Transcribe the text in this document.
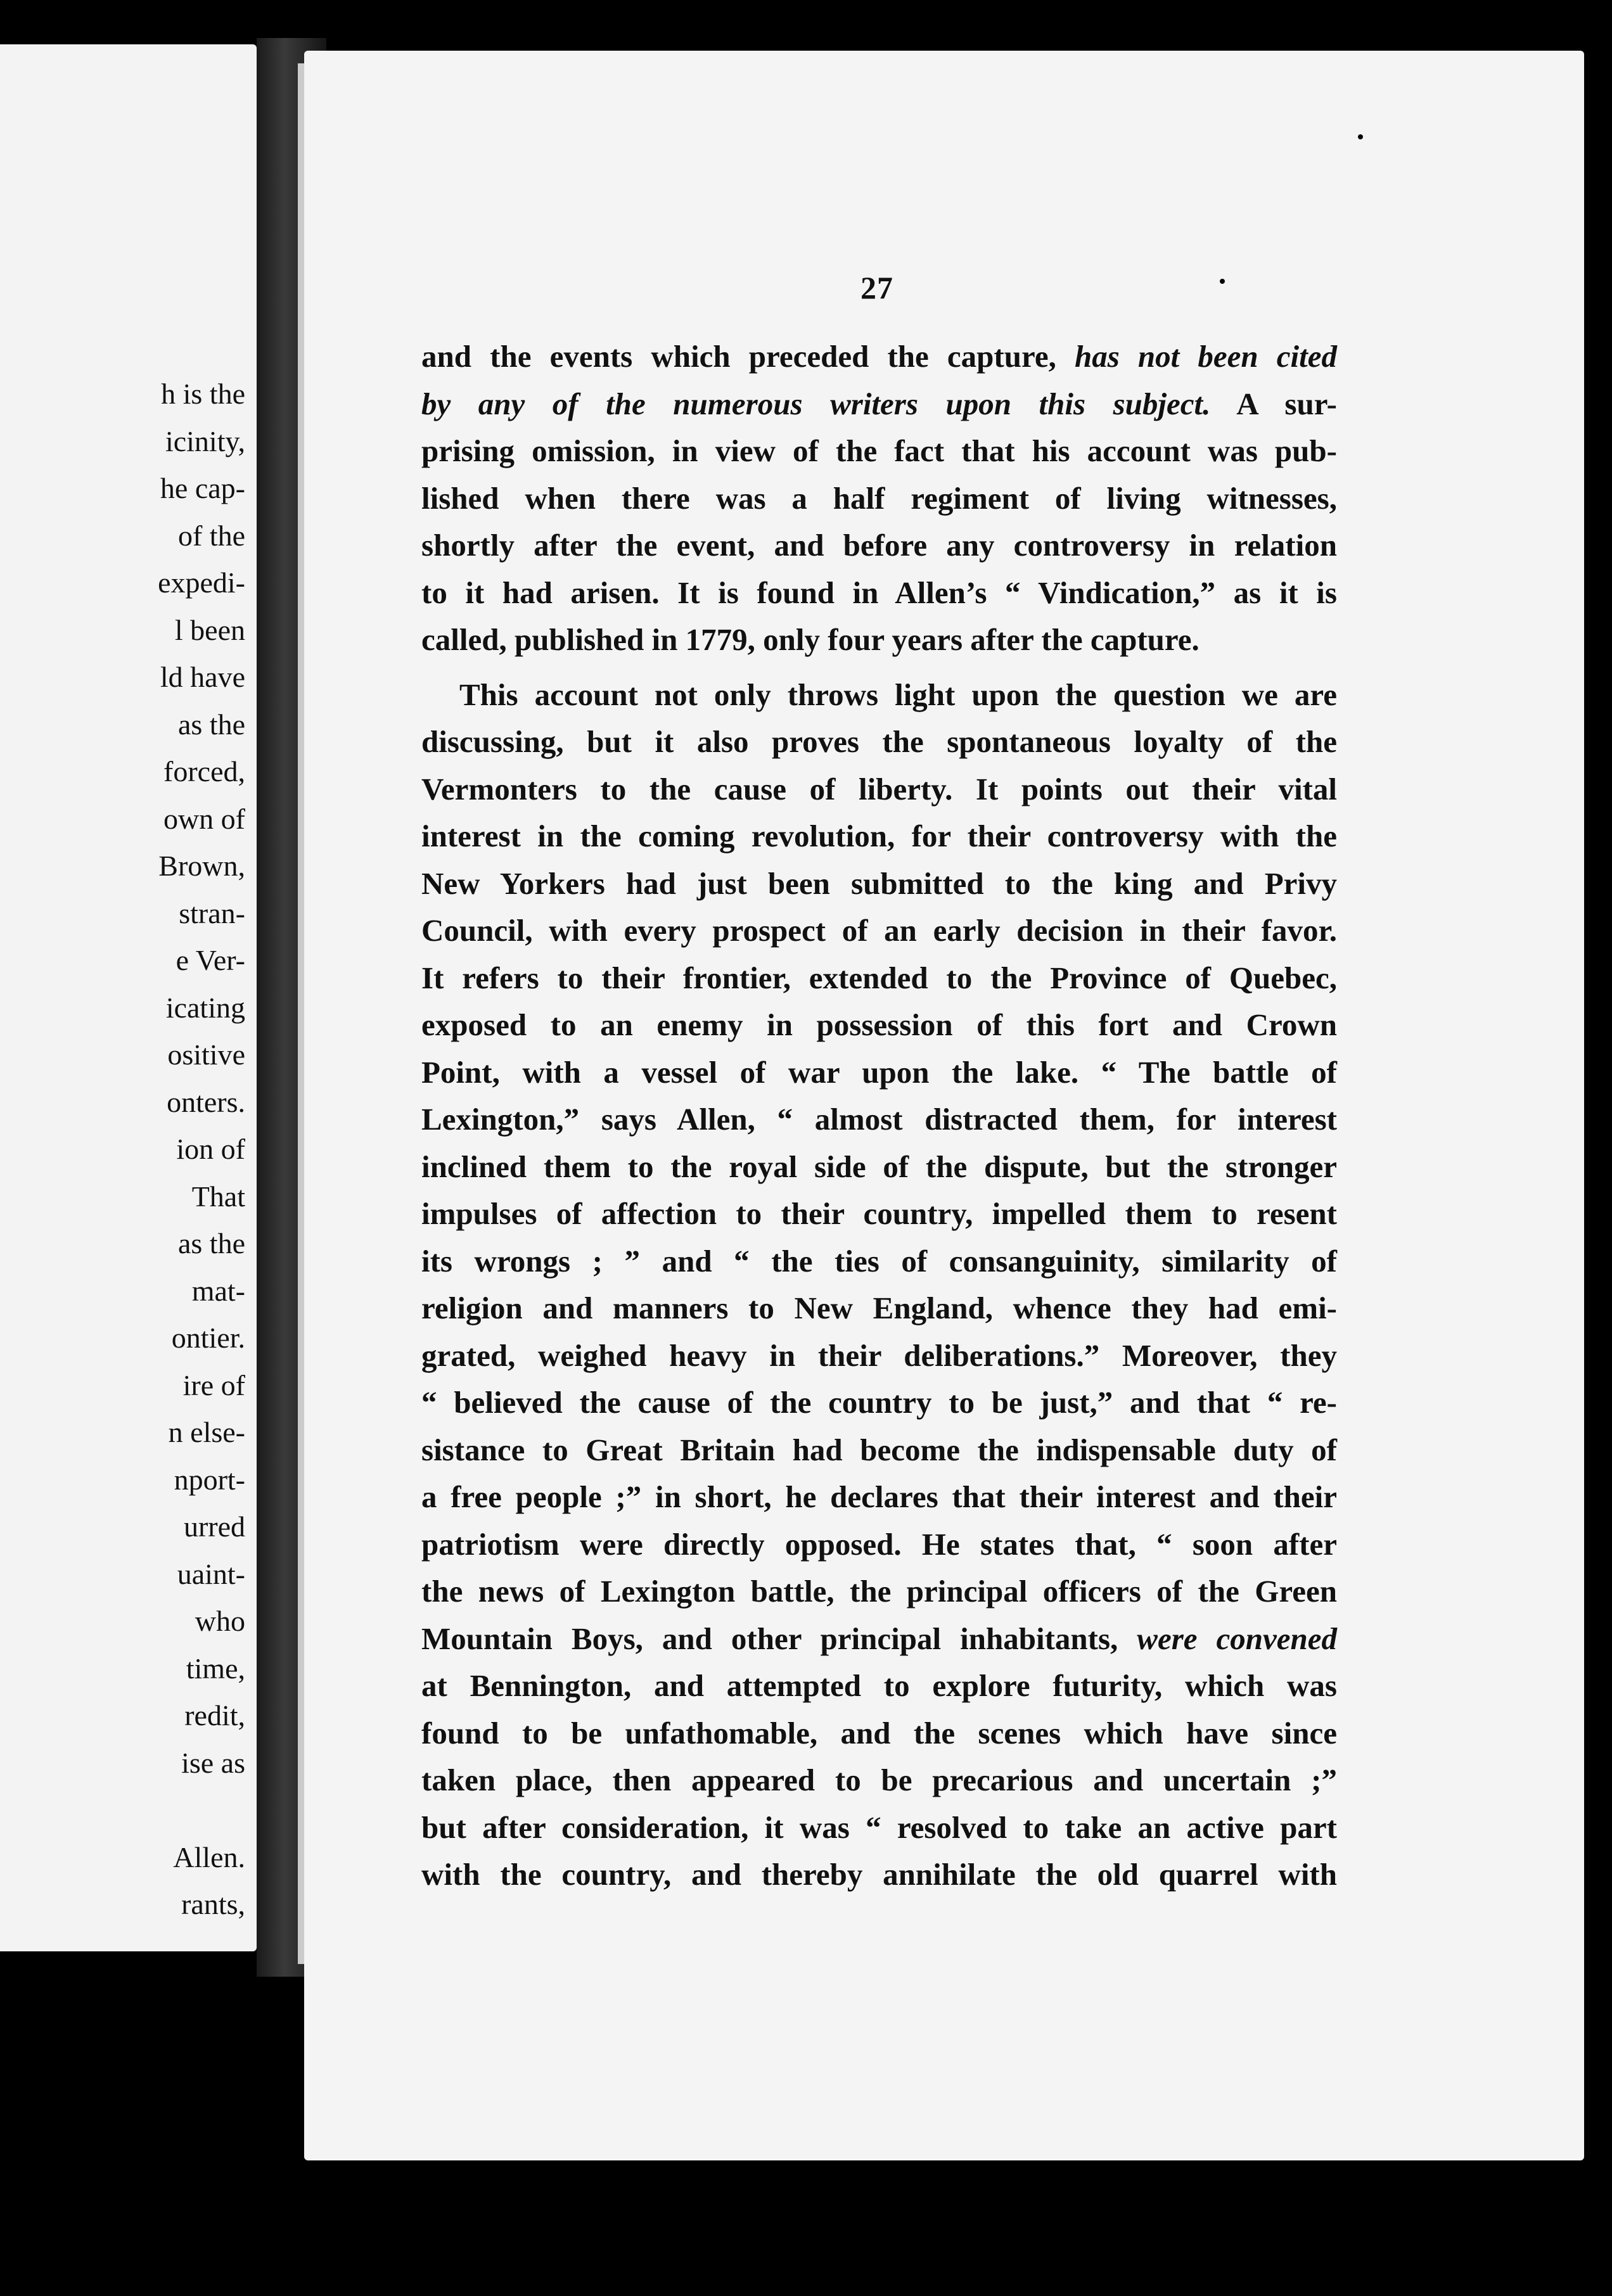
h is the
icinity,
he cap-
of the
expedi-
l been
ld have
as the
forced,
own of
Brown,
stran-
e Ver-
icating
ositive
onters.
ion of
That
as the
mat-
ontier.
ire of
n else-
nport-
urred
uaint-
who
time,
redit,
ise as

Allen.
rants,
27
and the events which preceded the capture, has not been cited
by any of the numerous writers upon this subject. A sur-
prising omission, in view of the fact that his account was pub-
lished when there was a half regiment of living witnesses,
shortly after the event, and before any controversy in relation
to it had arisen. It is found in Allen’s “ Vindication,” as it is
called, published in 1779, only four years after the capture.
This account not only throws light upon the question we are
discussing, but it also proves the spontaneous loyalty of the
Vermonters to the cause of liberty. It points out their vital
interest in the coming revolution, for their controversy with the
New Yorkers had just been submitted to the king and Privy
Council, with every prospect of an early decision in their favor.
It refers to their frontier, extended to the Province of Quebec,
exposed to an enemy in possession of this fort and Crown
Point, with a vessel of war upon the lake. “ The battle of
Lexington,” says Allen, “ almost distracted them, for interest
inclined them to the royal side of the dispute, but the stronger
impulses of affection to their country, impelled them to resent
its wrongs ; ” and “ the ties of consanguinity, similarity of
religion and manners to New England, whence they had emi-
grated, weighed heavy in their deliberations.” Moreover, they
“ believed the cause of the country to be just,” and that “ re-
sistance to Great Britain had become the indispensable duty of
a free people ;” in short, he declares that their interest and their
patriotism were directly opposed. He states that, “ soon after
the news of Lexington battle, the principal officers of the Green
Mountain Boys, and other principal inhabitants, were convened
at Bennington, and attempted to explore futurity, which was
found to be unfathomable, and the scenes which have since
taken place, then appeared to be precarious and uncertain ;”
but after consideration, it was “ resolved to take an active part
with the country, and thereby annihilate the old quarrel with
